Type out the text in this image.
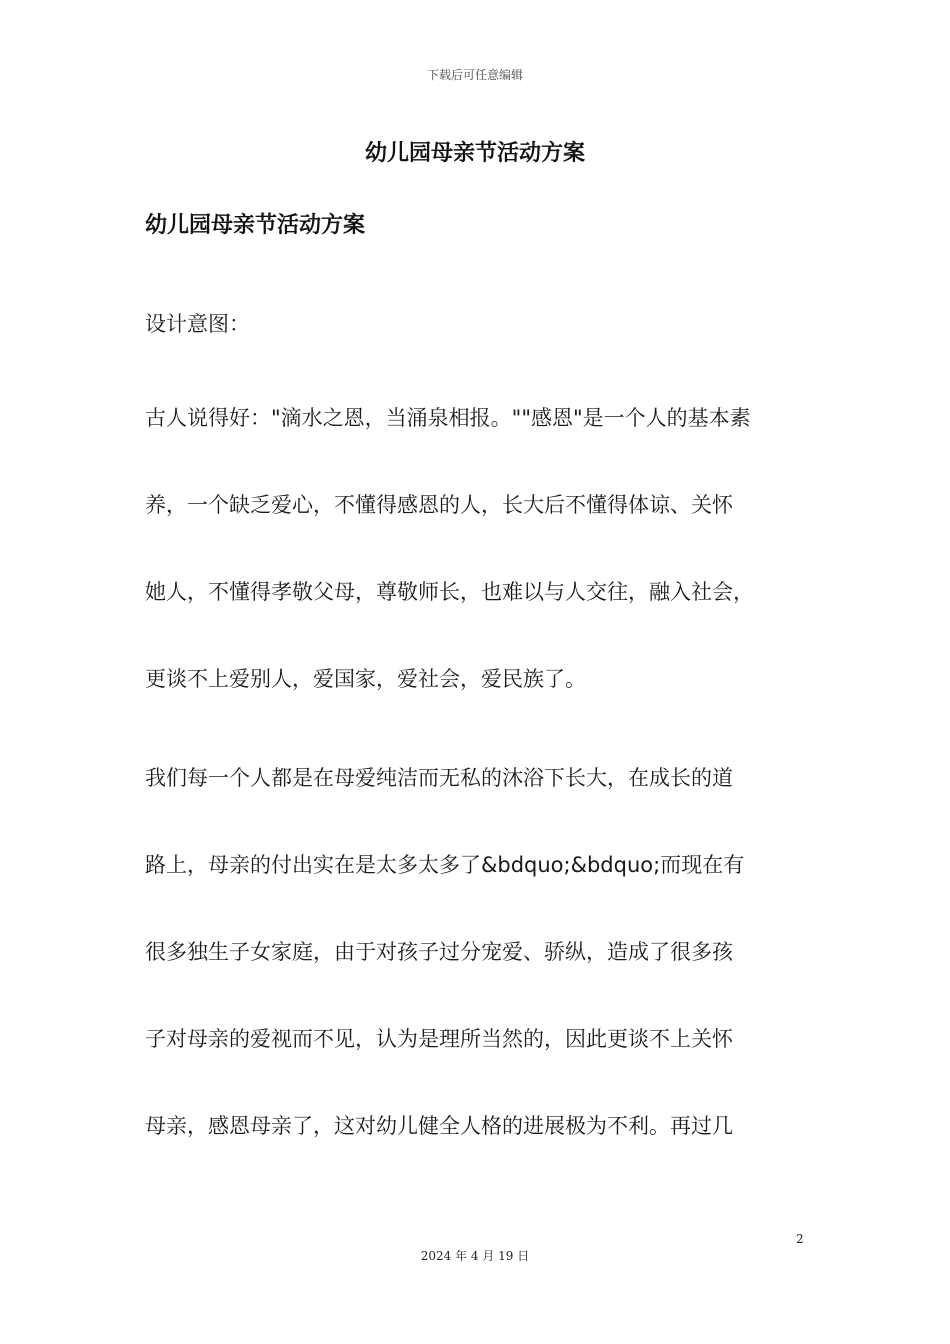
下载后可任意编辑
幼儿园母亲节活动方案
幼儿园母亲节活动方案
设计意图：
古人说得好："滴水之恩，当涌泉相报。""感恩"是一个人的基本素
养，一个缺乏爱心，不懂得感恩的人，长大后不懂得体谅、关怀
她人，不懂得孝敬父母，尊敬师长，也难以与人交往，融入社会，
更谈不上爱别人，爱国家，爱社会，爱民族了。
我们每一个人都是在母爱纯洁而无私的沐浴下长大，在成长的道
路上，母亲的付出实在是太多太多了&bdquo;&bdquo;而现在有
很多独生子女家庭，由于对孩子过分宠爱、骄纵，造成了很多孩
子对母亲的爱视而不见，认为是理所当然的，因此更谈不上关怀
母亲，感恩母亲了，这对幼儿健全人格的进展极为不利。再过几
2
2024 年 4 月 19 日
